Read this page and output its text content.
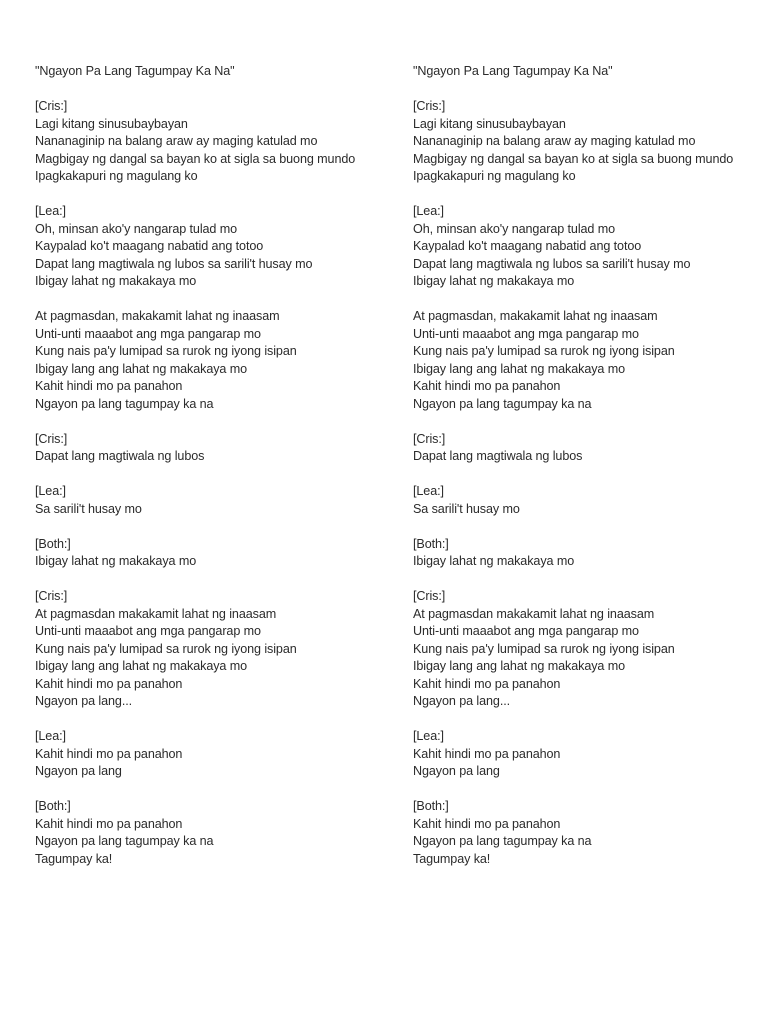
"Ngayon Pa Lang Tagumpay Ka Na"
[Cris:]
Lagi kitang sinusubaybayan
Nananaginip na balang araw ay maging katulad mo
Magbigay ng dangal sa bayan ko at sigla sa buong mundo
Ipagkakapuri ng magulang ko
[Lea:]
Oh, minsan ako'y nangarap tulad mo
Kaypalad ko't maagang nabatid ang totoo
Dapat lang magtiwala ng lubos sa sarili't husay mo
Ibigay lahat ng makakaya mo
At pagmasdan, makakamit lahat ng inaasam
Unti-unti maaabot ang mga pangarap mo
Kung nais pa'y lumipad sa rurok ng iyong isipan
Ibigay lang ang lahat ng makakaya mo
Kahit hindi mo pa panahon
Ngayon pa lang tagumpay ka na
[Cris:]
Dapat lang magtiwala ng lubos
[Lea:]
Sa sarili't husay mo
[Both:]
Ibigay lahat ng makakaya mo
[Cris:]
At pagmasdan makakamit lahat ng inaasam
Unti-unti maaabot ang mga pangarap mo
Kung nais pa'y lumipad sa rurok ng iyong isipan
Ibigay lang ang lahat ng makakaya mo
Kahit hindi mo pa panahon
Ngayon pa lang...
[Lea:]
Kahit hindi mo pa panahon
Ngayon pa lang
[Both:]
Kahit hindi mo pa panahon
Ngayon pa lang tagumpay ka na
Tagumpay ka!
"Ngayon Pa Lang Tagumpay Ka Na"
[Cris:]
Lagi kitang sinusubaybayan
Nananaginip na balang araw ay maging katulad mo
Magbigay ng dangal sa bayan ko at sigla sa buong mundo
Ipagkakapuri ng magulang ko
[Lea:]
Oh, minsan ako'y nangarap tulad mo
Kaypalad ko't maagang nabatid ang totoo
Dapat lang magtiwala ng lubos sa sarili't husay mo
Ibigay lahat ng makakaya mo
At pagmasdan, makakamit lahat ng inaasam
Unti-unti maaabot ang mga pangarap mo
Kung nais pa'y lumipad sa rurok ng iyong isipan
Ibigay lang ang lahat ng makakaya mo
Kahit hindi mo pa panahon
Ngayon pa lang tagumpay ka na
[Cris:]
Dapat lang magtiwala ng lubos
[Lea:]
Sa sarili't husay mo
[Both:]
Ibigay lahat ng makakaya mo
[Cris:]
At pagmasdan makakamit lahat ng inaasam
Unti-unti maaabot ang mga pangarap mo
Kung nais pa'y lumipad sa rurok ng iyong isipan
Ibigay lang ang lahat ng makakaya mo
Kahit hindi mo pa panahon
Ngayon pa lang...
[Lea:]
Kahit hindi mo pa panahon
Ngayon pa lang
[Both:]
Kahit hindi mo pa panahon
Ngayon pa lang tagumpay ka na
Tagumpay ka!
